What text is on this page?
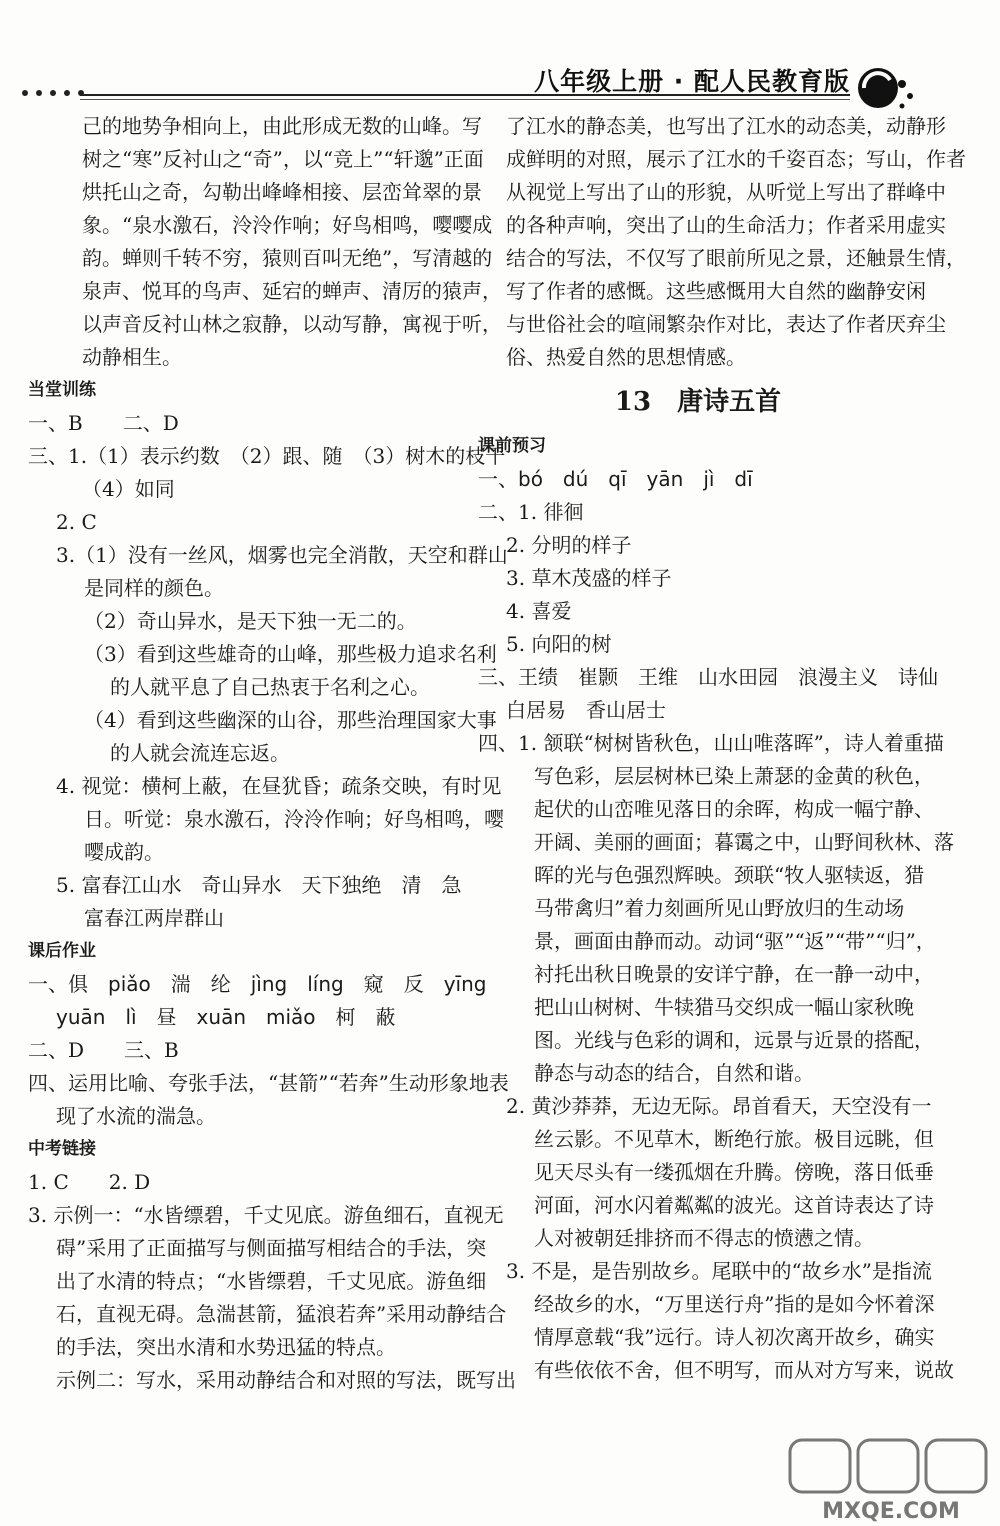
八年级上册 · 配人民教育版
己的地势争相向上，由此形成无数的山峰。写
树之“寒”反衬山之“奇”，以“竞上”“轩邈”正面
烘托山之奇，勾勒出峰峰相接、层峦耸翠的景
象。“泉水激石，泠泠作响；好鸟相鸣，嘤嘤成
韵。蝉则千转不穷，猿则百叫无绝”，写清越的
泉声、悦耳的鸟声、延宕的蝉声、清厉的猿声，
以声音反衬山林之寂静，以动写静，寓视于听，
动静相生。
当堂训练
一、B　　二、D
三、1.（1）表示约数　（2）跟、随　（3）树木的枝干
（4）如同
2. C
3.（1）没有一丝风，烟雾也完全消散，天空和群山
是同样的颜色。
（2）奇山异水，是天下独一无二的。
（3）看到这些雄奇的山峰，那些极力追求名利
的人就平息了自己热衷于名利之心。
（4）看到这些幽深的山谷，那些治理国家大事
的人就会流连忘返。
4. 视觉：横柯上蔽，在昼犹昏；疏条交映，有时见
日。听觉：泉水激石，泠泠作响；好鸟相鸣，嘤
嘤成韵。
5. 富春江山水　奇山异水　天下独绝　清　急
富春江两岸群山
课后作业
一、俱　piǎo　湍　纶　jìng　líng　窥　反　yīng
yuān　lì　昼　xuān　miǎo　柯　蔽
二、D　　三、B
四、运用比喻、夸张手法，“甚箭”“若奔”生动形象地表
现了水流的湍急。
中考链接
1. C　　2. D
3. 示例一：“水皆缥碧，千丈见底。游鱼细石，直视无
碍”采用了正面描写与侧面描写相结合的手法，突
出了水清的特点；“水皆缥碧，千丈见底。游鱼细
石，直视无碍。急湍甚箭，猛浪若奔”采用动静结合
的手法，突出水清和水势迅猛的特点。
示例二：写水，采用动静结合和对照的写法，既写出
了江水的静态美，也写出了江水的动态美，动静形
成鲜明的对照，展示了江水的千姿百态；写山，作者
从视觉上写出了山的形貌，从听觉上写出了群峰中
的各种声响，突出了山的生命活力；作者采用虚实
结合的写法，不仅写了眼前所见之景，还触景生情，
写了作者的感慨。这些感慨用大自然的幽静安闲
与世俗社会的喧闹繁杂作对比，表达了作者厌弃尘
俗、热爱自然的思想情感。
13　唐诗五首
课前预习
一、bó　dú　qī　yān　jì　dī
二、1. 徘徊
2. 分明的样子
3. 草木茂盛的样子
4. 喜爱
5. 向阳的树
三、王绩　崔颢　王维　山水田园　浪漫主义　诗仙
白居易　香山居士
四、1. 颔联“树树皆秋色，山山唯落晖”，诗人着重描
写色彩，层层树林已染上萧瑟的金黄的秋色，
起伏的山峦唯见落日的余晖，构成一幅宁静、
开阔、美丽的画面；暮霭之中，山野间秋林、落
晖的光与色强烈辉映。颈联“牧人驱犊返，猎
马带禽归”着力刻画所见山野放归的生动场
景，画面由静而动。动词“驱”“返”“带”“归”，
衬托出秋日晚景的安详宁静，在一静一动中，
把山山树树、牛犊猎马交织成一幅山家秋晚
图。光线与色彩的调和，远景与近景的搭配，
静态与动态的结合，自然和谐。
2. 黄沙莽莽，无边无际。昂首看天，天空没有一
丝云影。不见草木，断绝行旅。极目远眺，但
见天尽头有一缕孤烟在升腾。傍晚，落日低垂
河面，河水闪着粼粼的波光。这首诗表达了诗
人对被朝廷排挤而不得志的愤懑之情。
3. 不是，是告别故乡。尾联中的“故乡水”是指流
经故乡的水，“万里送行舟”指的是如今怀着深
情厚意载“我”远行。诗人初次离开故乡，确实
有些依依不舍，但不明写，而从对方写来，说故
MXQE.COM
